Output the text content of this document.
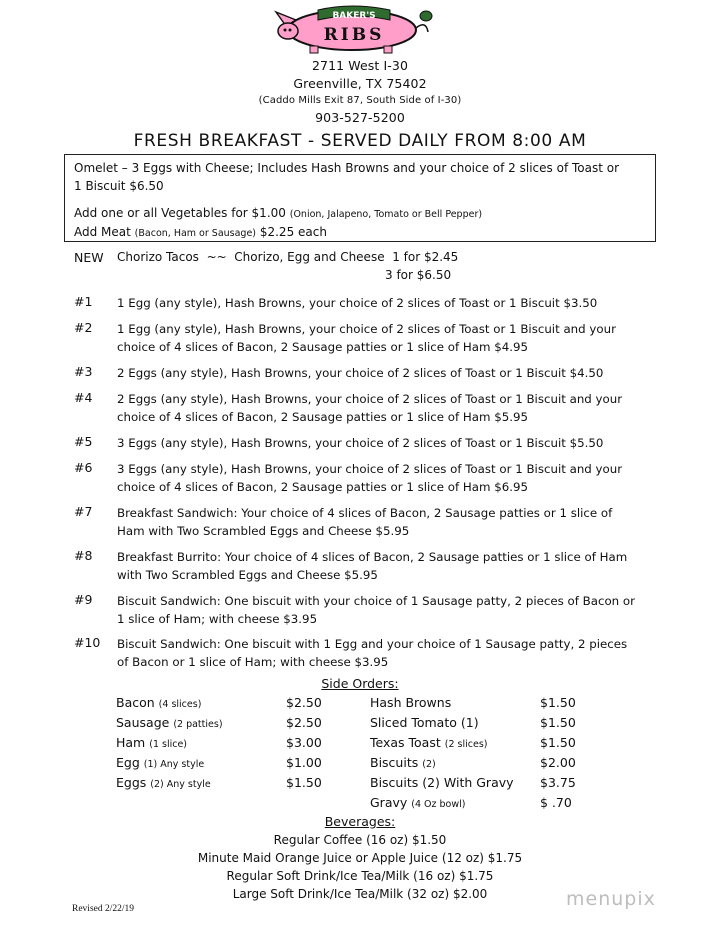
BAKER'S
RIBS
2711 West I-30
Greenville, TX 75402
(Caddo Mills Exit 87, South Side of I-30)
903-527-5200
FRESH BREAKFAST - SERVED DAILY FROM 8:00 AM
Omelet – 3 Eggs with Cheese; Includes Hash Browns and your choice of 2 slices of Toast or
1 Biscuit $6.50
Add one or all Vegetables for $1.00 (Onion, Jalapeno, Tomato or Bell Pepper)
Add Meat (Bacon, Ham or Sausage) $2.25 each
NEW Chorizo Tacos  ~~  Chorizo, Egg and Cheese  1 for $2.45
3 for $6.50
#1 1 Egg (any style), Hash Browns, your choice of 2 slices of Toast or 1 Biscuit $3.50
#2 1 Egg (any style), Hash Browns, your choice of 2 slices of Toast or 1 Biscuit and your choice of 4 slices of Bacon, 2 Sausage patties or 1 slice of Ham $4.95
#3 2 Eggs (any style), Hash Browns, your choice of 2 slices of Toast or 1 Biscuit $4.50
#4 2 Eggs (any style), Hash Browns, your choice of 2 slices of Toast or 1 Biscuit and your choice of 4 slices of Bacon, 2 Sausage patties or 1 slice of Ham $5.95
#5 3 Eggs (any style), Hash Browns, your choice of 2 slices of Toast or 1 Biscuit $5.50
#6 3 Eggs (any style), Hash Browns, your choice of 2 slices of Toast or 1 Biscuit and your choice of 4 slices of Bacon, 2 Sausage patties or 1 slice of Ham $6.95
#7 Breakfast Sandwich: Your choice of 4 slices of Bacon, 2 Sausage patties or 1 slice of Ham with Two Scrambled Eggs and Cheese $5.95
#8 Breakfast Burrito: Your choice of 4 slices of Bacon, 2 Sausage patties or 1 slice of Ham with Two Scrambled Eggs and Cheese $5.95
#9 Biscuit Sandwich: One biscuit with your choice of 1 Sausage patty, 2 pieces of Bacon or 1 slice of Ham; with cheese $3.95
#10 Biscuit Sandwich: One biscuit with 1 Egg and your choice of 1 Sausage patty, 2 pieces of Bacon or 1 slice of Ham; with cheese $3.95
Side Orders:
Bacon (4 slices)	$2.50
Sausage (2 patties)	$2.50
Ham (1 slice)	$3.00
Egg (1) Any style	$1.00
Eggs (2) Any style	$1.50
Hash Browns	$1.50
Sliced Tomato (1)	$1.50
Texas Toast (2 slices)	$1.50
Biscuits (2)	$2.00
Biscuits (2) With Gravy $3.75
Gravy (4 Oz bowl)	$ .70
Beverages:
Regular Coffee (16 oz) $1.50
Minute Maid Orange Juice or Apple Juice (12 oz) $1.75
Regular Soft Drink/Ice Tea/Milk (16 oz) $1.75
Large Soft Drink/Ice Tea/Milk (32 oz) $2.00
Revised 2/22/19	menupix
